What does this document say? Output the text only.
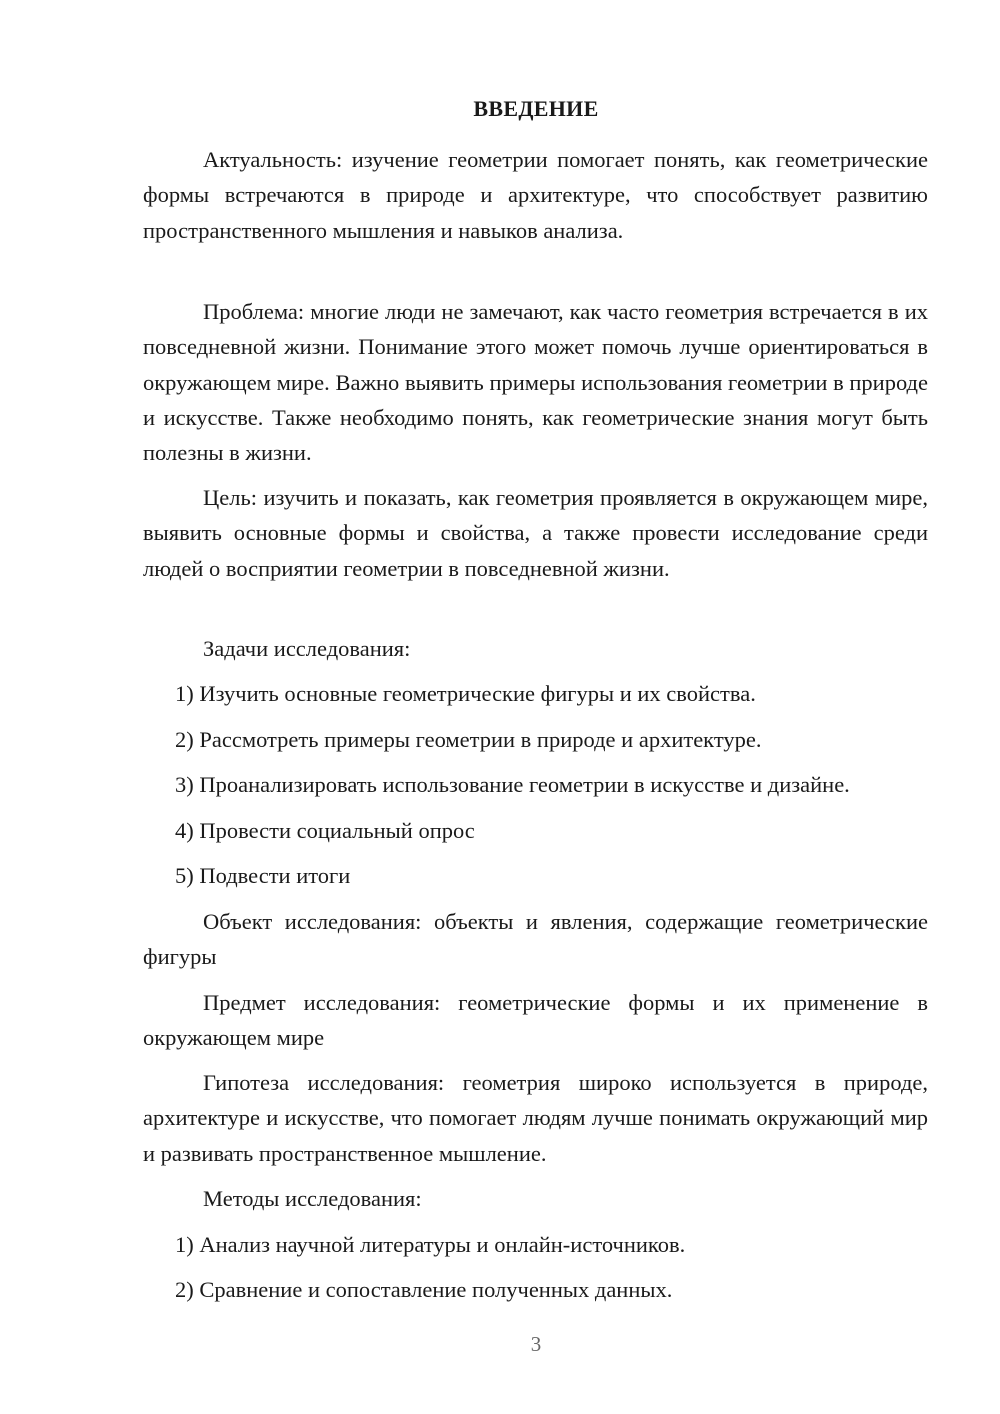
ВВЕДЕНИЕ

Актуальность: изучение геометрии помогает понять, как геометрические формы встречаются в природе и архитектуре, что способствует развитию пространственного мышления и навыков анализа.

Проблема: многие люди не замечают, как часто геометрия встречается в их повседневной жизни. Понимание этого может помочь лучше ориентироваться в окружающем мире. Важно выявить примеры использования геометрии в природе и искусстве. Также необходимо понять, как геометрические знания могут быть полезны в жизни.

Цель: изучить и показать, как геометрия проявляется в окружающем мире, выявить основные формы и свойства, а также провести исследование среди людей о восприятии геометрии в повседневной жизни.

Задачи исследования:
1) Изучить основные геометрические фигуры и их свойства.
2) Рассмотреть примеры геометрии в природе и архитектуре.
3) Проанализировать использование геометрии в искусстве и дизайне.
4) Провести социальный опрос
5) Подвести итоги

Объект исследования: объекты и явления, содержащие геометрические фигуры

Предмет исследования: геометрические формы и их применение в окружающем мире

Гипотеза исследования: геометрия широко используется в природе, архитектуре и искусстве, что помогает людям лучше понимать окружающий мир и развивать пространственное мышление.

Методы исследования:
1) Анализ научной литературы и онлайн-источников.
2) Сравнение и сопоставление полученных данных.
3
